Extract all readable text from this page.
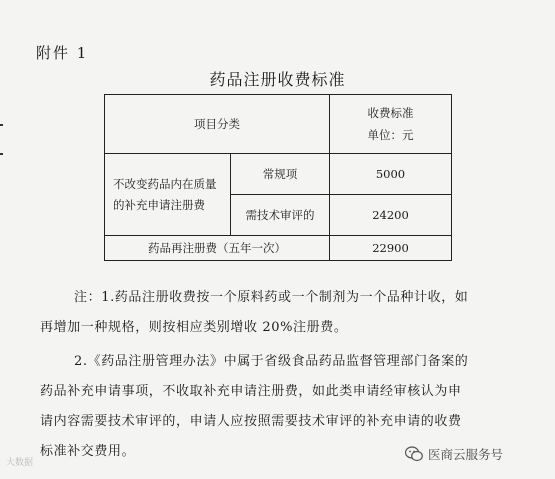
附件 1
药品注册收费标准
项目分类		收费标准
单位：元

不改变药品内在质量的补充申请注册费	常规项	5000
	需技术审评的	24200
药品再注册费（五年一次）		22900
注：1.药品注册收费按一个原料药或一个制剂为一个品种计收，如
再增加一种规格，则按相应类别增收 20%注册费。
2.《药品注册管理办法》中属于省级食品药品监督管理部门备案的
药品补充申请事项，不收取补充申请注册费，如此类申请经审核认为申
请内容需要技术审评的，申请人应按照需要技术审评的补充申请的收费
标准补交费用。
大数据
医商云服务号
